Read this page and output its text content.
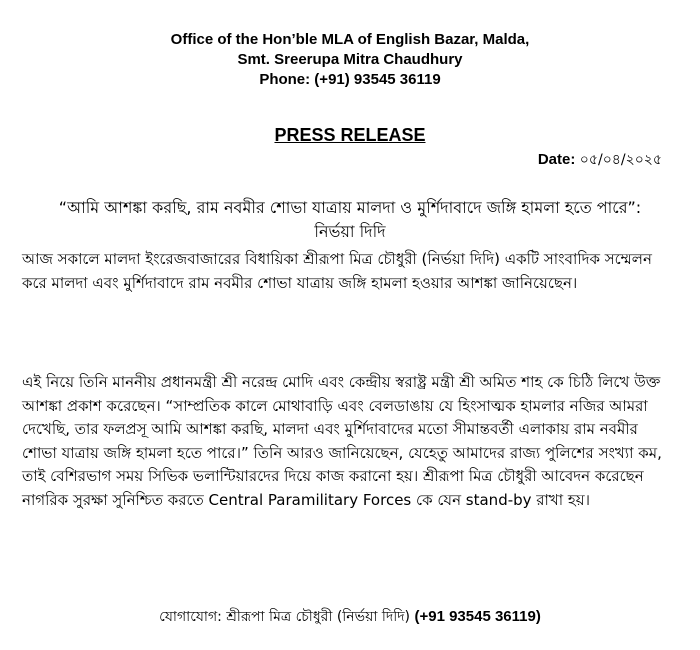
Office of the Hon’ble MLA of English Bazar, Malda,
Smt. Sreerupa Mitra Chaudhury
Phone: (+91) 93545 36119
PRESS RELEASE
Date: ০৫/০৪/২০২৫
“আমি আশঙ্কা করছি, রাম নবমীর শোভা যাত্রায় মালদা ও মুর্শিদাবাদে জঙ্গি হামলা হতে পারে”:
নির্ভয়া দিদি
আজ সকালে মালদা ইংরেজবাজারের বিধায়িকা শ্রীরূপা মিত্র চৌধুরী (নির্ভয়া দিদি) একটি সাংবাদিক সম্মেলন করে মালদা এবং মুর্শিদাবাদে রাম নবমীর শোভা যাত্রায় জঙ্গি হামলা হওয়ার আশঙ্কা জানিয়েছেন।
এই নিয়ে তিনি মাননীয় প্রধানমন্ত্রী শ্রী নরেন্দ্র মোদি এবং কেন্দ্রীয় স্বরাষ্ট্র মন্ত্রী শ্রী অমিত শাহ কে চিঠি লিখে উক্ত আশঙ্কা প্রকাশ করেছেন। “সাম্প্রতিক কালে মোথাবাড়ি এবং বেলডাঙায় যে হিংসাত্মক হামলার নজির আমরা দেখেছি, তার ফলপ্রসূ আমি আশঙ্কা করছি, মালদা এবং মুর্শিদাবাদের মতো সীমান্তবর্তী এলাকায় রাম নবমীর শোভা যাত্রায় জঙ্গি হামলা হতে পারে।” তিনি আরও জানিয়েছেন, যেহেতু আমাদের রাজ্য পুলিশের সংখ্যা কম, তাই বেশিরভাগ সময় সিভিক ভলান্টিয়ারদের দিয়ে কাজ করানো হয়। শ্রীরূপা মিত্র চৌধুরী আবেদন করেছেন নাগরিক সুরক্ষা সুনিশ্চিত করতে Central Paramilitary Forces কে যেন stand-by রাখা হয়।
যোগাযোগ: শ্রীরূপা মিত্র চৌধুরী (নির্ভয়া দিদি) (+91 93545 36119)
